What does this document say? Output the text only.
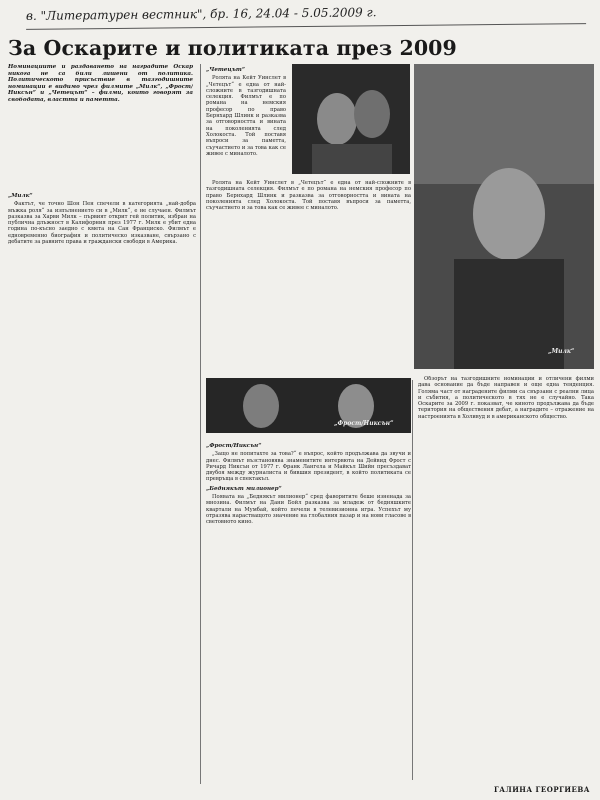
в. "Литературен вестник", бр. 16, 24.04 - 5.05.2009 г.
За Оскарите и политиката през 2009
Номинациите и раздаването на наградите Оскар никога не са били лишени от политика. Политическото присъствие в тазгодишните номинации е видимо чрез филмите „Милк“, „Фрост/Никсън“ и „Четецът“ – филми, които говорят за свободата, властта и паметта.
„Милк“

Фактът, че точно Шон Пен спечели в категорията „най-добра мъжка роля“ за изпълнението си в „Милк“, е не случаен. Филмът разказва за Харви Милк – първият открит гей политик, избран на публична длъжност в Калифорния през 1977 г. Милк е убит една година по-късно заедно с кмета на Сан Франциско. Филмът е едновременно биография и политическо изказване, свързано с дебатите за равните права и граждански свободи в Америка.

„Четецът“

Ролята на Кейт Уинслет в „Четецът“ е една от най-сложните в тазгодишната селекция. Филмът е по романа на немския професор по право Бернхард Шлинк и разказва за отговорността и вината на поколенията след Холокоста. Той поставя въпроси за паметта, съучастието и за това как се живее с миналото.

„Милк“

Ролята на Кейт Уинслет в „Четецът“ е една от най-сложните в тазгодишната селекция. Филмът е по романа на немския професор по право Бернхард Шлинк и разказва за отговорността и вината на поколенията след Холокоста. Той поставя въпроси за паметта, съучастието и за това как се живее с миналото.

„Фрост/Никсън“
„Фрост/Никсън“

„Защо не попитахте за това?“ е въпрос, който продължава да звучи и днес. Филмът възстановява знаменитите интервюта на Дейвид Фрост с Ричард Никсън от 1977 г. Франк Лангела и Майкъл Шийн пресъздават двубоя между журналиста и бившия президент, в който политиката се превръща в спектакъл.

„Беднякът милионер“

Появата на „Беднякът милионер“ сред фаворитите беше изненада за мнозина. Филмът на Дани Бойл разказва за младеж от бедняшките квартали на Мумбай, който печели в телевизионна игра. Успехът му отразява нарастващото значение на глобалния пазар и на нови гласове в световното кино.

Обзорът на тазгодишните номинации и отличени филми дава основание да бъде направен и още една тенденция. Голяма част от наградените филми са свързани с реални лица и събития, а политическото в тях не е случайно. Така Оскарите за 2009 г. показват, че киното продължава да бъде територия на обществения дебат, а наградите – отражение на настроенията в Холивуд и в американското общество.

ГАЛИНА ГЕОРГИЕВА
